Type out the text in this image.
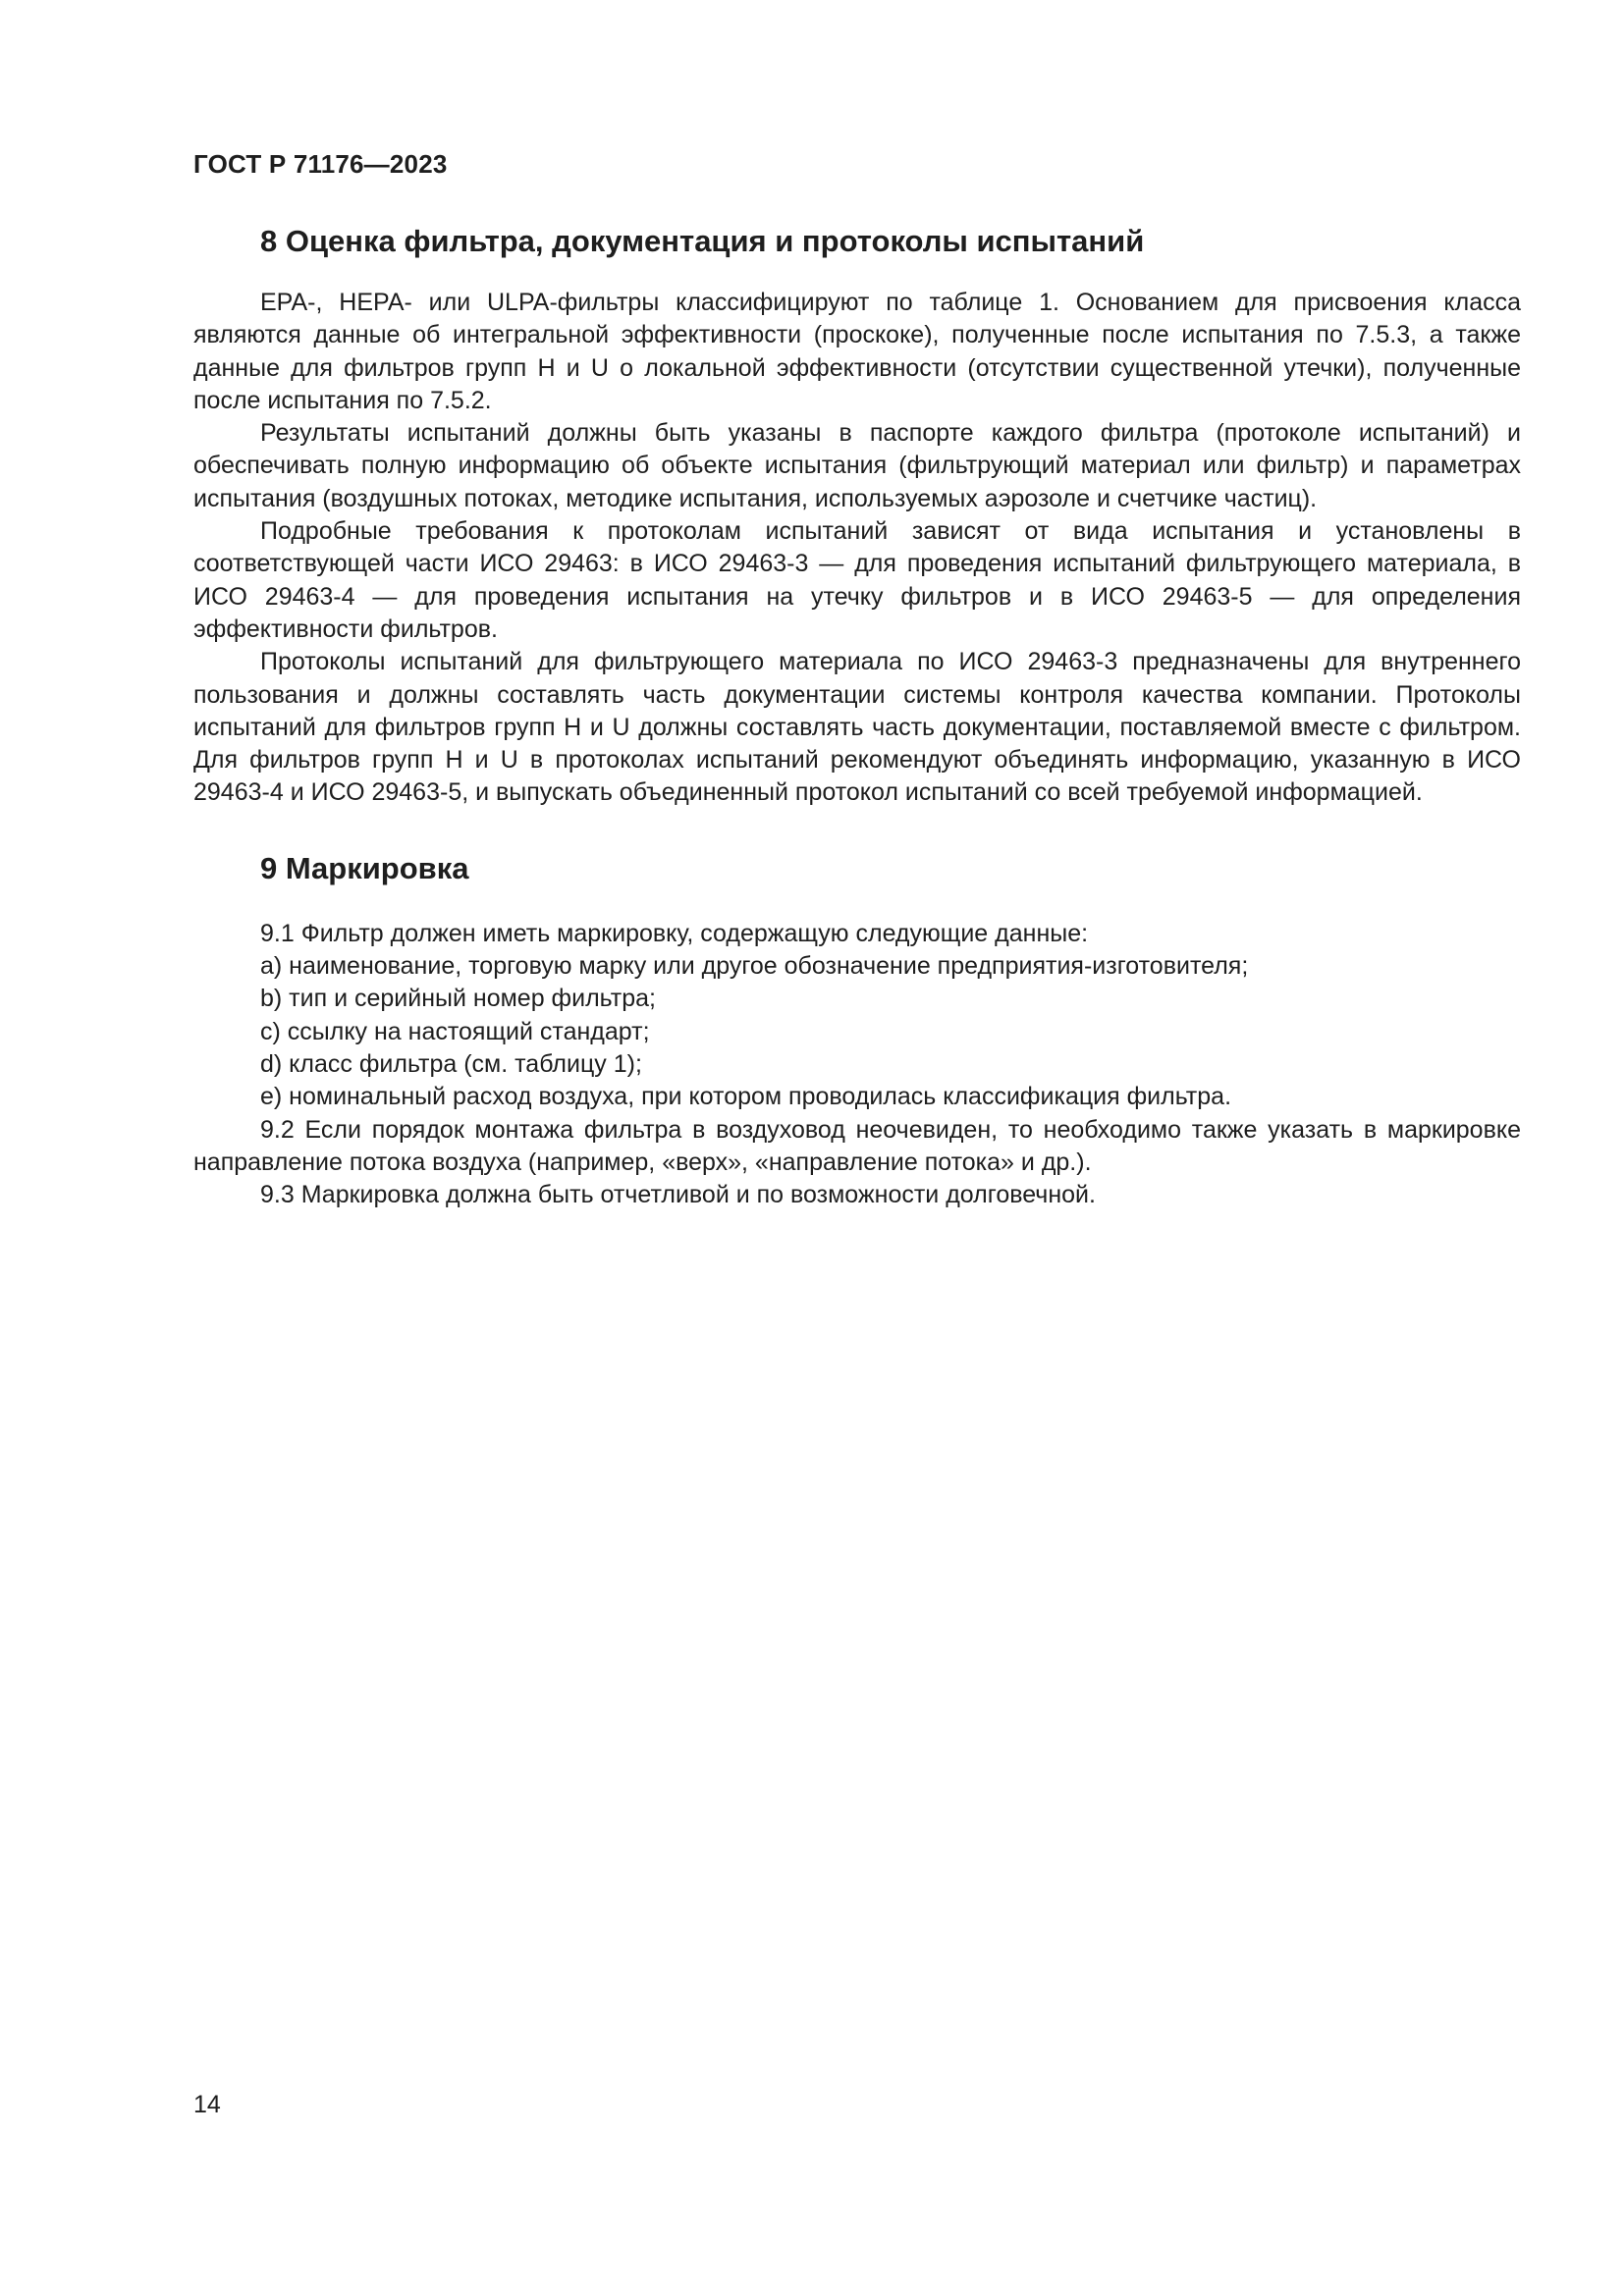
ГОСТ Р 71176—2023
8 Оценка фильтра, документация и протоколы испытаний

EPA-, HEPA- или ULPA-фильтры классифицируют по таблице 1. Основанием для присвоения класса являются данные об интегральной эффективности (проскоке), полученные после испытания по 7.5.3, а также данные для фильтров групп Н и U о локальной эффективности (отсутствии существенной утечки), полученные после испытания по 7.5.2.

Результаты испытаний должны быть указаны в паспорте каждого фильтра (протоколе испытаний) и обеспечивать полную информацию об объекте испытания (фильтрующий материал или фильтр) и параметрах испытания (воздушных потоках, методике испытания, используемых аэрозоле и счетчике частиц).

Подробные требования к протоколам испытаний зависят от вида испытания и установлены в соответствующей части ИСО 29463: в ИСО 29463-3 — для проведения испытаний фильтрующего материала, в ИСО 29463-4 — для проведения испытания на утечку фильтров и в ИСО 29463-5 — для определения эффективности фильтров.

Протоколы испытаний для фильтрующего материала по ИСО 29463-3 предназначены для внутреннего пользования и должны составлять часть документации системы контроля качества компании. Протоколы испытаний для фильтров групп Н и U должны составлять часть документации, поставляемой вместе с фильтром. Для фильтров групп Н и U в протоколах испытаний рекомендуют объединять информацию, указанную в ИСО 29463-4 и ИСО 29463-5, и выпускать объединенный протокол испытаний со всей требуемой информацией.

9 Маркировка

9.1 Фильтр должен иметь маркировку, содержащую следующие данные:

а) наименование, торговую марку или другое обозначение предприятия-изготовителя;

b) тип и серийный номер фильтра;

c) ссылку на настоящий стандарт;

d) класс фильтра (см. таблицу 1);

e) номинальный расход воздуха, при котором проводилась классификация фильтра.

9.2 Если порядок монтажа фильтра в воздуховод неочевиден, то необходимо также указать в маркировке направление потока воздуха (например, «верх», «направление потока» и др.).

9.3 Маркировка должна быть отчетливой и по возможности долговечной.

14
